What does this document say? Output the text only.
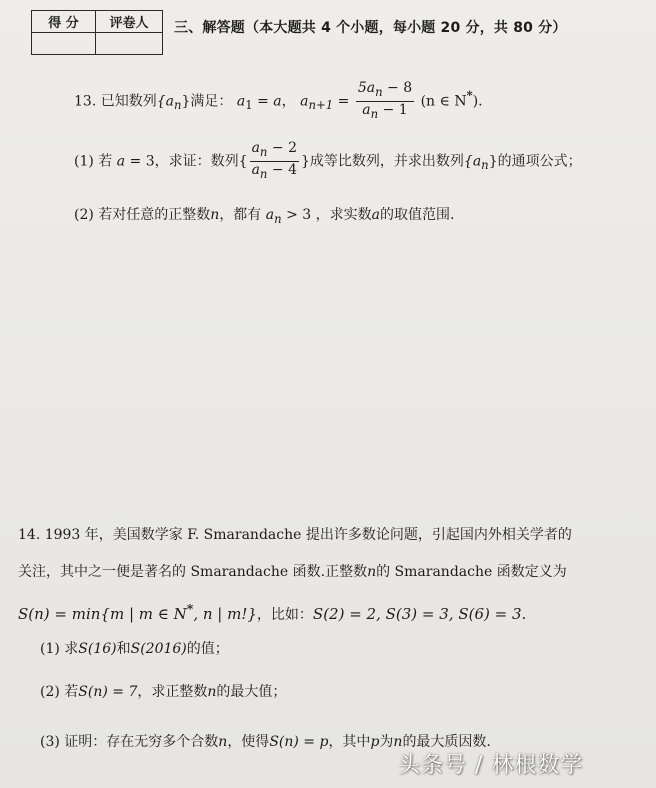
得 分	评卷人
	三、解答题（本大题共 4 个小题，每小题 20 分，共 80 分）
13. 已知数列$\{a_n\}$满足： $a_1 = a$， $a_{n+1} = \frac{5a_n - 8}{a_n - 1} (n$ ∈ N*).
(1) 若 a = 3，求证：数列{ $\frac{a_n - 2}{a_n - 4}$ }成等比数列，并求出数列$\{a_n\}$的通项公式；
(2) 若对任意的正整数n，都有 $a_n > 3$ ，求实数a的取值范围.
14. 1993 年，美国数学家 F. Smarandache 提出许多数论问题，引起国内外相关学者的
关注，其中之一便是著名的 Smarandache 函数.正整数n的 Smarandache 函数定义为
S(n) = min{m | m ∈ N*, n | m!}，比如：S(2) = 2, S(3) = 3, S(6) = 3.
(1) 求S(16)和S(2016)的值；
(2) 若S(n) = 7，求正整数n的最大值；
(3) 证明：存在无穷多个合数n，使得S(n) = p，其中p为n的最大质因数.
头条号 / 林根数学
